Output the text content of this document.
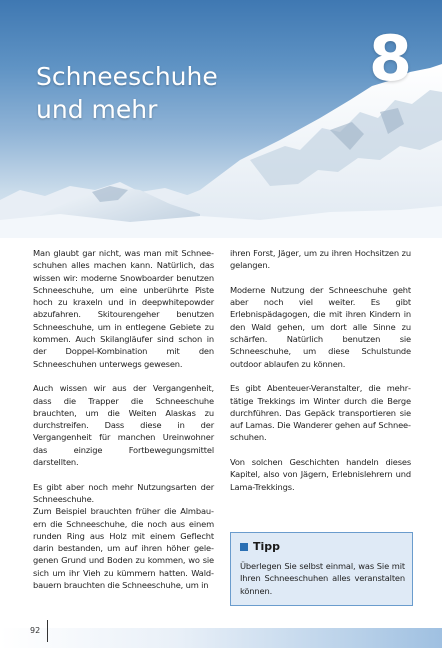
8
Schneeschuhe
und mehr

Man glaubt gar nicht, was man mit Schneeschuhen alles machen kann. Natürlich, das wissen wir: moderne Snowboarder benutzen Schneeschuhe, um eine unberührte Piste hoch zu kraxeln und in deepwhitepowder abzufahren. Skitourengeher benutzen Schneeschuhe, um in entlegene Gebiete zu kommen. Auch Skilangläufer sind schon in der Doppel-Kombination mit den Schneeschuhen unterwegs gewesen.

Auch wissen wir aus der Vergangenheit, dass die Trapper die Schneeschuhe brauchten, um die Weiten Alaskas zu durchstreifen. Dass diese in der Vergangenheit für manchen Ureinwohner das einzige Fortbewegungsmittel darstellten.

Es gibt aber noch mehr Nutzungsarten der Schneeschuhe.

Zum Beispiel brauchten früher die Almbauern die Schneeschuhe, die noch aus einem runden Ring aus Holz mit einem Geflecht darin bestanden, um auf ihren höher gelegenen Grund und Boden zu kommen, wo sie sich um ihr Vieh zu kümmern hatten. Waldbauern brauchten die Schneeschuhe, um in

ihren Forst, Jäger, um zu ihren Hochsitzen zu gelangen.

Moderne Nutzung der Schneeschuhe geht aber noch viel weiter. Es gibt Erlebnispädagogen, die mit ihren Kindern in den Wald gehen, um dort alle Sinne zu schärfen. Natürlich benutzen sie Schneeschuhe, um diese Schulstunde outdoor ablaufen zu können.

Es gibt Abenteuer-Veranstalter, die mehrtätige Trekkings im Winter durch die Berge durchführen. Das Gepäck transportieren sie auf Lamas. Die Wanderer gehen auf Schneeschuhen.

Von solchen Geschichten handeln dieses Kapitel, also von Jägern, Erlebnislehrern und Lama-Trekkings.

Tipp

Überlegen Sie selbst einmal, was Sie mit Ihren Schneeschuhen alles veranstalten können.

92
